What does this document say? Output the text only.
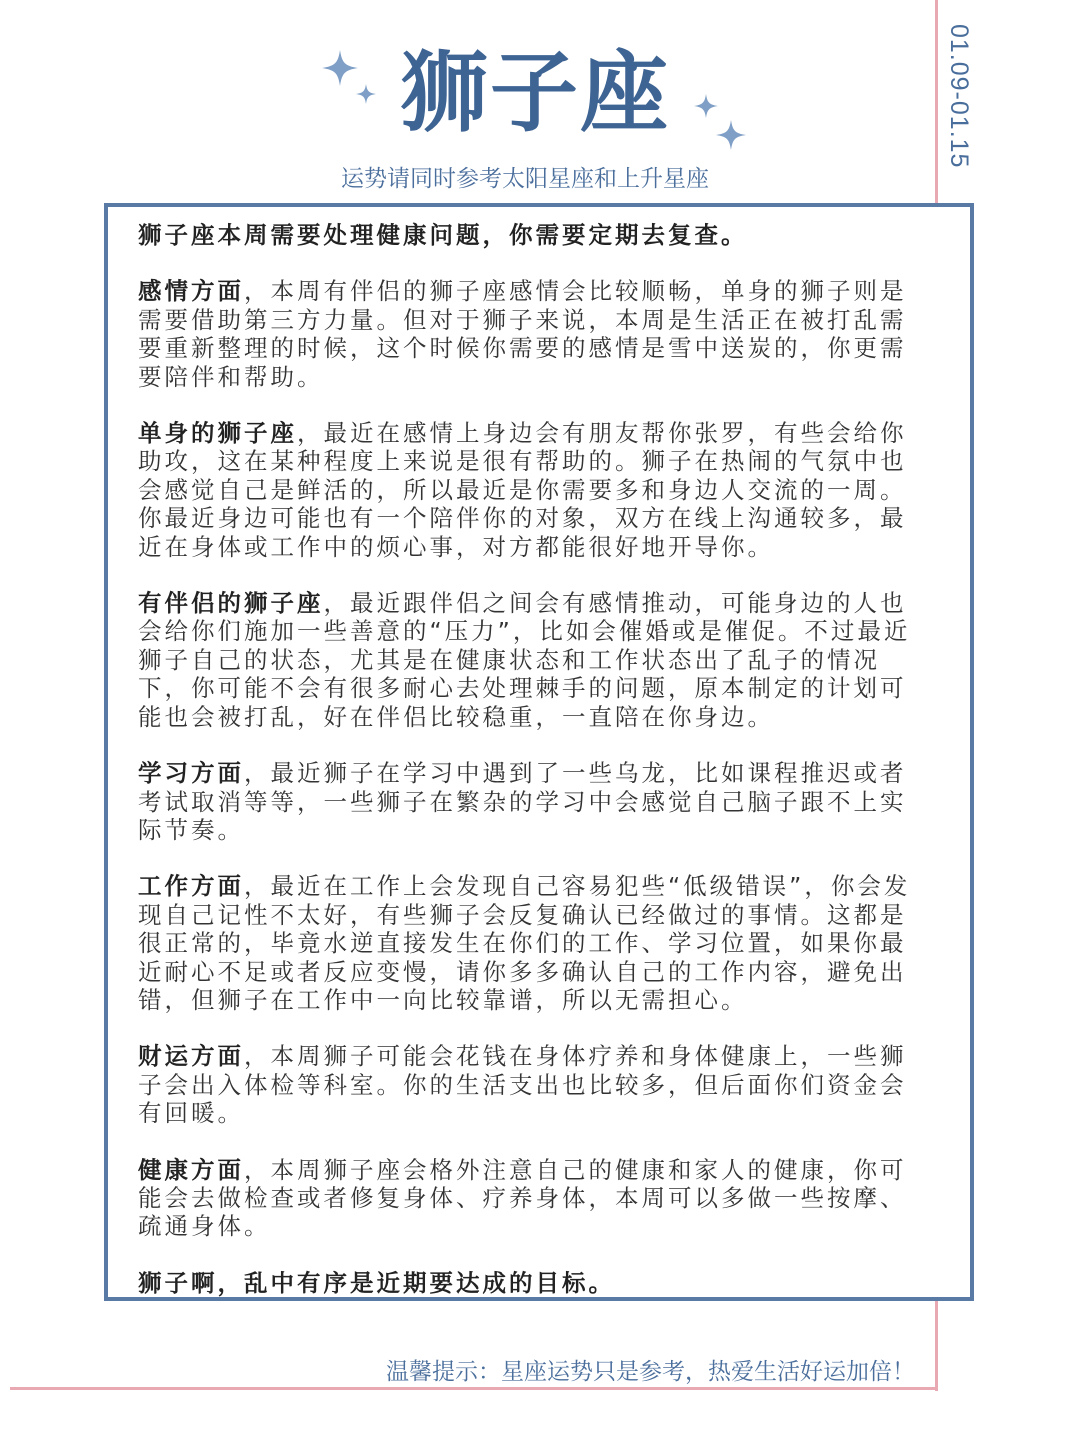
01.09-01.15
狮子座
运势请同时参考太阳星座和上升星座

狮子座本周需要处理健康问题，你需要定期去复查。

感情方面，本周有伴侣的狮子座感情会比较顺畅，单身的狮子则是需要借助第三方力量。但对于狮子来说，本周是生活正在被打乱需要重新整理的时候，这个时候你需要的感情是雪中送炭的，你更需要陪伴和帮助。

单身的狮子座，最近在感情上身边会有朋友帮你张罗，有些会给你助攻，这在某种程度上来说是很有帮助的。狮子在热闹的气氛中也会感觉自己是鲜活的，所以最近是你需要多和身边人交流的一周。你最近身边可能也有一个陪伴你的对象，双方在线上沟通较多，最近在身体或工作中的烦心事，对方都能很好地开导你。

有伴侣的狮子座，最近跟伴侣之间会有感情推动，可能身边的人也会给你们施加一些善意的“压力”，比如会催婚或是催促。不过最近狮子自己的状态，尤其是在健康状态和工作状态出了乱子的情况下，你可能不会有很多耐心去处理棘手的问题，原本制定的计划可能也会被打乱，好在伴侣比较稳重，一直陪在你身边。

学习方面，最近狮子在学习中遇到了一些乌龙，比如课程推迟或者考试取消等等，一些狮子在繁杂的学习中会感觉自己脑子跟不上实际节奏。

工作方面，最近在工作上会发现自己容易犯些“低级错误”，你会发现自己记性不太好，有些狮子会反复确认已经做过的事情。这都是很正常的，毕竟水逆直接发生在你们的工作、学习位置，如果你最近耐心不足或者反应变慢，请你多多确认自己的工作内容，避免出错，但狮子在工作中一向比较靠谱，所以无需担心。

财运方面，本周狮子可能会花钱在身体疗养和身体健康上，一些狮子会出入体检等科室。你的生活支出也比较多，但后面你们资金会有回暖。

健康方面，本周狮子座会格外注意自己的健康和家人的健康，你可能会去做检查或者修复身体、疗养身体，本周可以多做一些按摩、疏通身体。

狮子啊，乱中有序是近期要达成的目标。

温馨提示：星座运势只是参考，热爱生活好运加倍！
